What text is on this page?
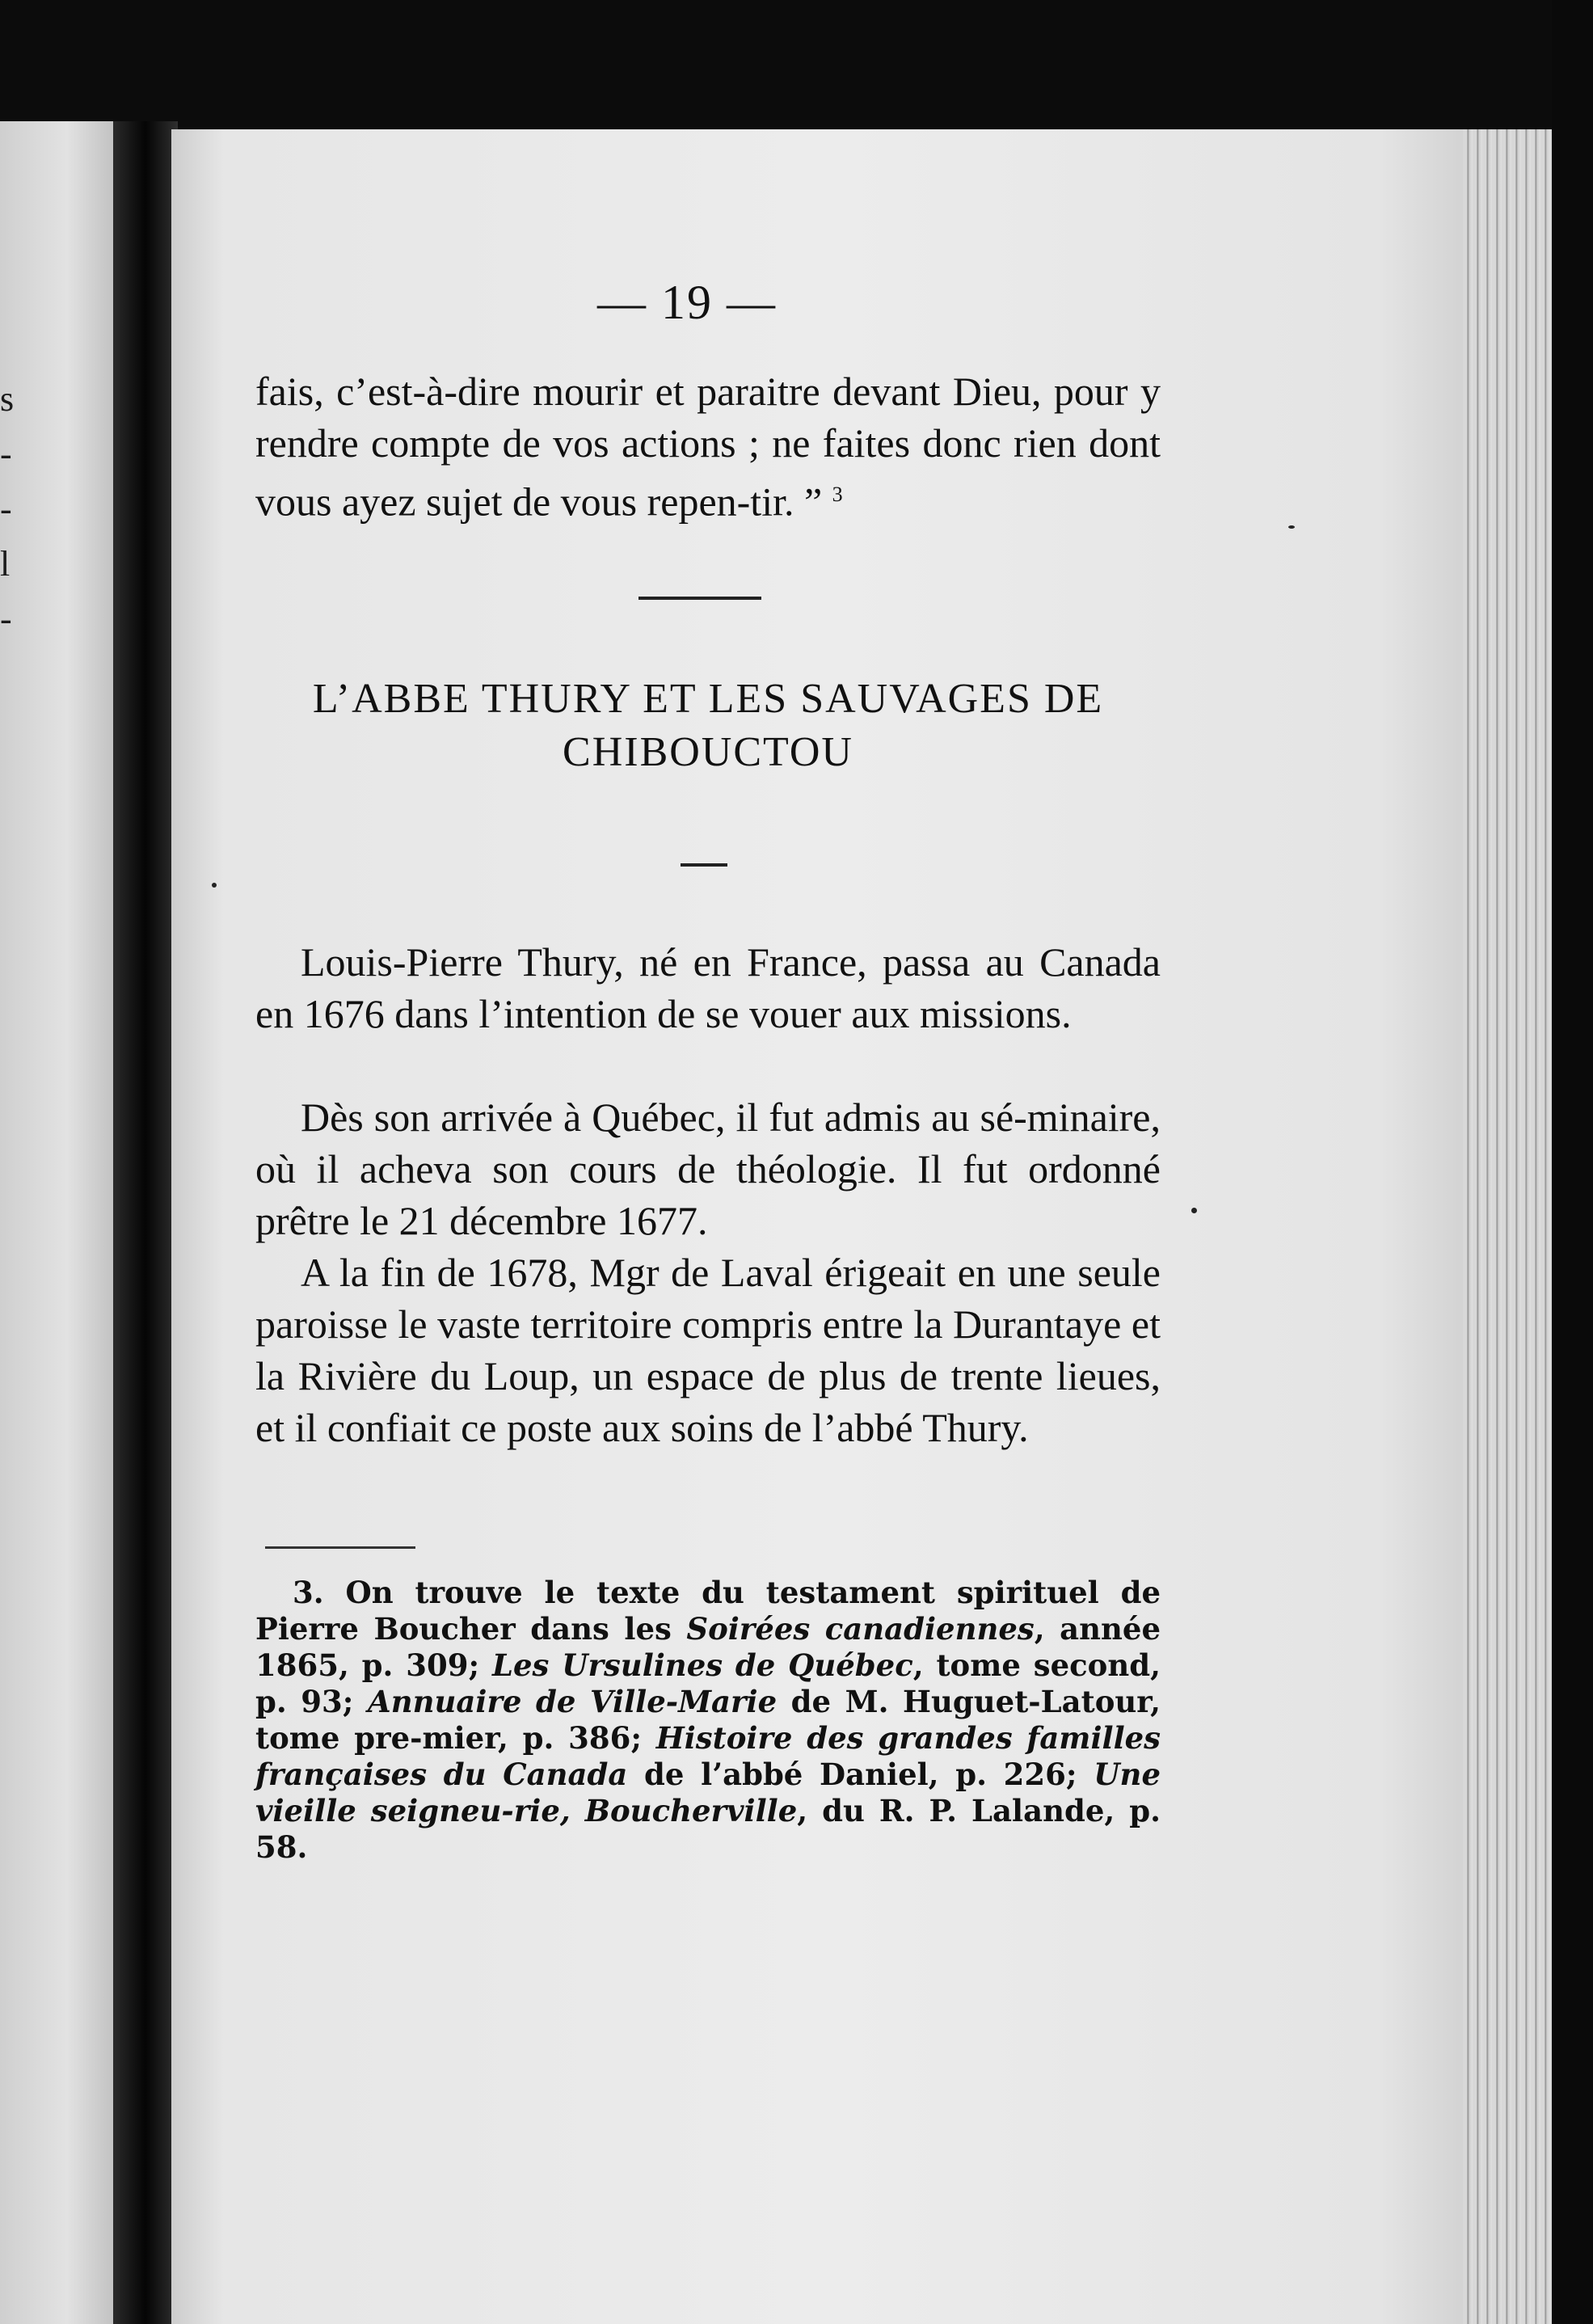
s
-
-
l
-
— 19 —
fais, c’est-à-dire mourir et paraitre devant Dieu, pour y rendre compte de vos actions ; ne faites donc rien dont vous ayez sujet de vous repen-tir. ” $^3$
L’ABBE THURY ET LES SAUVAGES DE
CHIBOUCTOU
Louis-Pierre Thury, né en France, passa au Canada en 1676 dans l’intention de se vouer aux missions.
Dès son arrivée à Québec, il fut admis au sé-minaire, où il acheva son cours de théologie. Il fut ordonné prêtre le 21 décembre 1677.
A la fin de 1678, Mgr de Laval érigeait en une seule paroisse le vaste territoire compris entre la Durantaye et la Rivière du Loup, un espace de plus de trente lieues, et il confiait ce poste aux soins de l’abbé Thury.
3. On trouve le texte du testament spirituel de Pierre Boucher dans les Soirées canadiennes, année 1865, p. 309; Les Ursulines de Québec, tome second, p. 93; Annuaire de Ville-Marie de M. Huguet-Latour, tome pre-mier, p. 386; Histoire des grandes familles françaises du Canada de l’abbé Daniel, p. 226; Une vieille seigneu-rie, Boucherville, du R. P. Lalande, p. 58.
